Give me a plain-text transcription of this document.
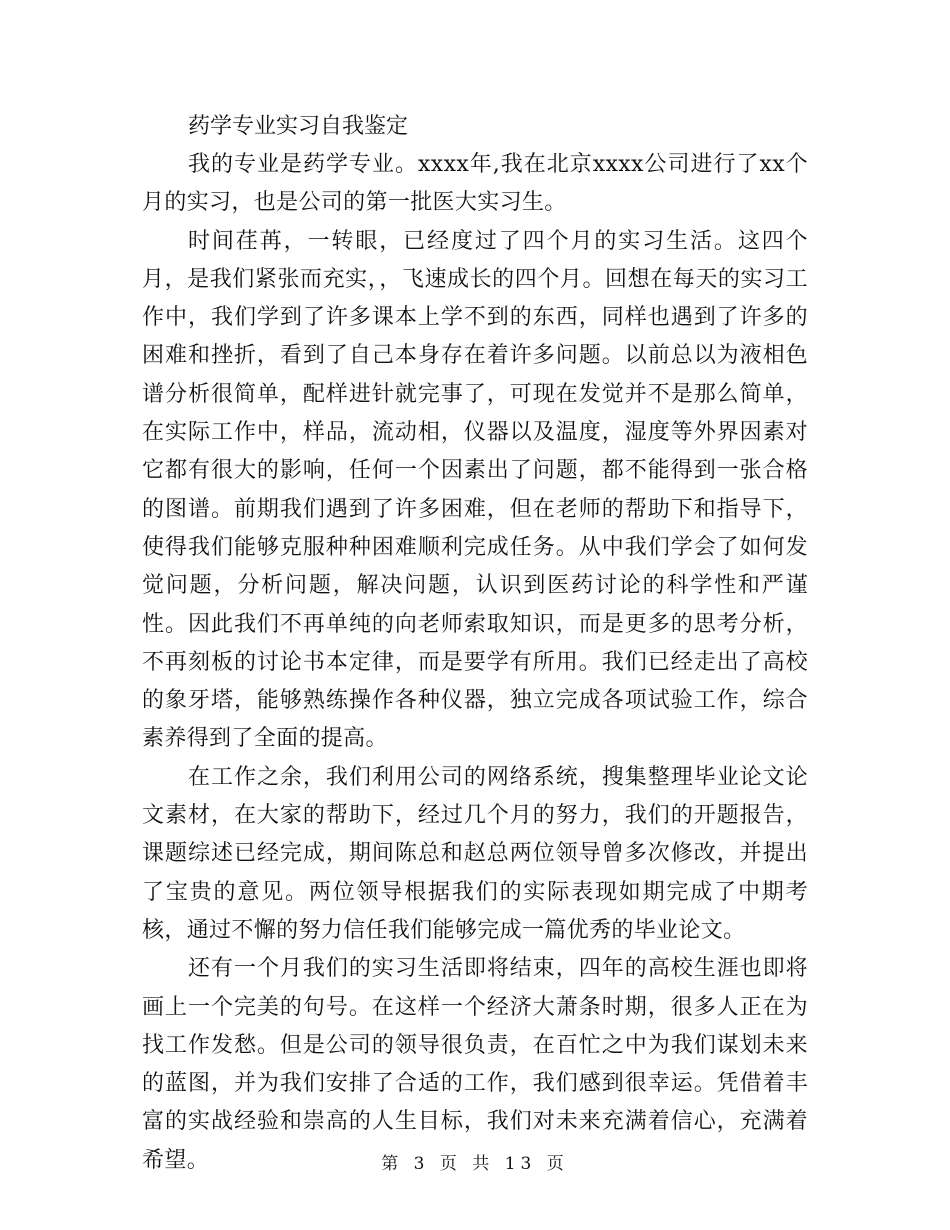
药学专业实习自我鉴定

我的专业是药学专业。xxxx年,我在北京xxxx公司进行了xx个月的实习，也是公司的第一批医大实习生。

时间荏苒，一转眼，已经度过了四个月的实习生活。这四个月，是我们紧张而充实，，飞速成长的四个月。回想在每天的实习工作中，我们学到了许多课本上学不到的东西，同样也遇到了许多的困难和挫折，看到了自己本身存在着许多问题。以前总以为液相色谱分析很简单，配样进针就完事了，可现在发觉并不是那么简单，在实际工作中，样品，流动相，仪器以及温度，湿度等外界因素对它都有很大的影响，任何一个因素出了问题，都不能得到一张合格的图谱。前期我们遇到了许多困难，但在老师的帮助下和指导下，使得我们能够克服种种困难顺利完成任务。从中我们学会了如何发觉问题，分析问题，解决问题，认识到医药讨论的科学性和严谨性。因此我们不再单纯的向老师索取知识，而是更多的思考分析，不再刻板的讨论书本定律，而是要学有所用。我们已经走出了高校的象牙塔，能够熟练操作各种仪器，独立完成各项试验工作，综合素养得到了全面的提高。

在工作之余，我们利用公司的网络系统，搜集整理毕业论文论文素材，在大家的帮助下，经过几个月的努力，我们的开题报告，课题综述已经完成，期间陈总和赵总两位领导曾多次修改，并提出了宝贵的意见。两位领导根据我们的实际表现如期完成了中期考核，通过不懈的努力信任我们能够完成一篇优秀的毕业论文。

还有一个月我们的实习生活即将结束，四年的高校生涯也即将画上一个完美的句号。在这样一个经济大萧条时期，很多人正在为找工作发愁。但是公司的领导很负责，在百忙之中为我们谋划未来的蓝图，并为我们安排了合适的工作，我们感到很幸运。凭借着丰富的实战经验和崇高的人生目标，我们对未来充满着信心，充满着希望。	第 3 页 共 13 页
